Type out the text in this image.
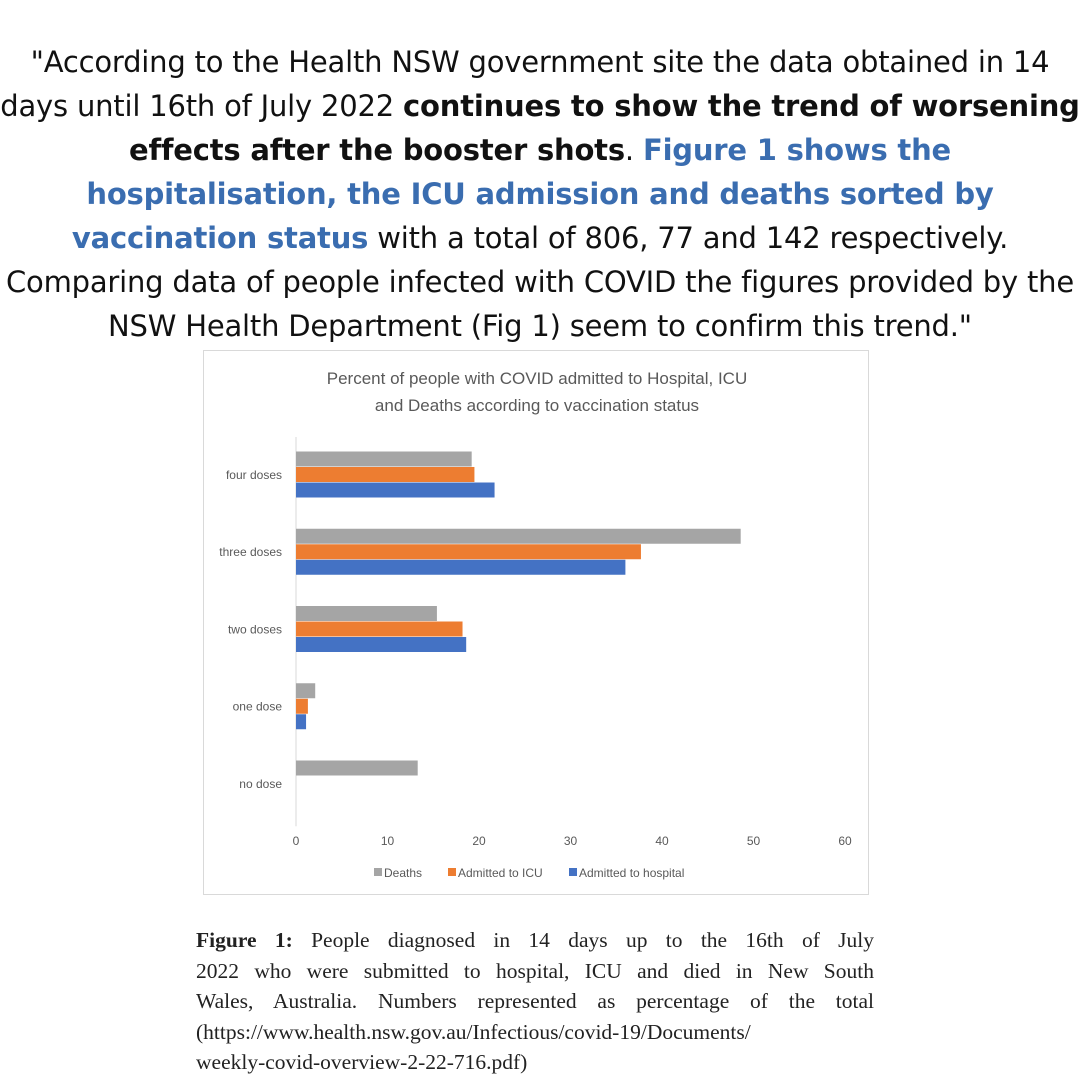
"According to the Health NSW government site the data obtained in 14 days until 16th of July 2022 continues to show the trend of worsening effects after the booster shots. Figure 1 shows the hospitalisation, the ICU admission and deaths sorted by vaccination status with a total of 806, 77 and 142 respectively. Comparing data of people infected with COVID the figures provided by the NSW Health Department (Fig 1) seem to confirm this trend."
Percent of people with COVID admitted to Hospital, ICU
and Deaths according to vaccination status
four doses
three doses
two doses
one dose
no dose
0	10	20	30	40	50	60
Deaths	Admitted to ICU	Admitted to hospital

Figure 1: People diagnosed in 14 days up to the 16th of July
2022 who were submitted to hospital, ICU and died in New South
Wales, Australia. Numbers represented as percentage of the total
(https://www.health.nsw.gov.au/Infectious/covid-19/Documents/
weekly-covid-overview-2-22-716.pdf)
